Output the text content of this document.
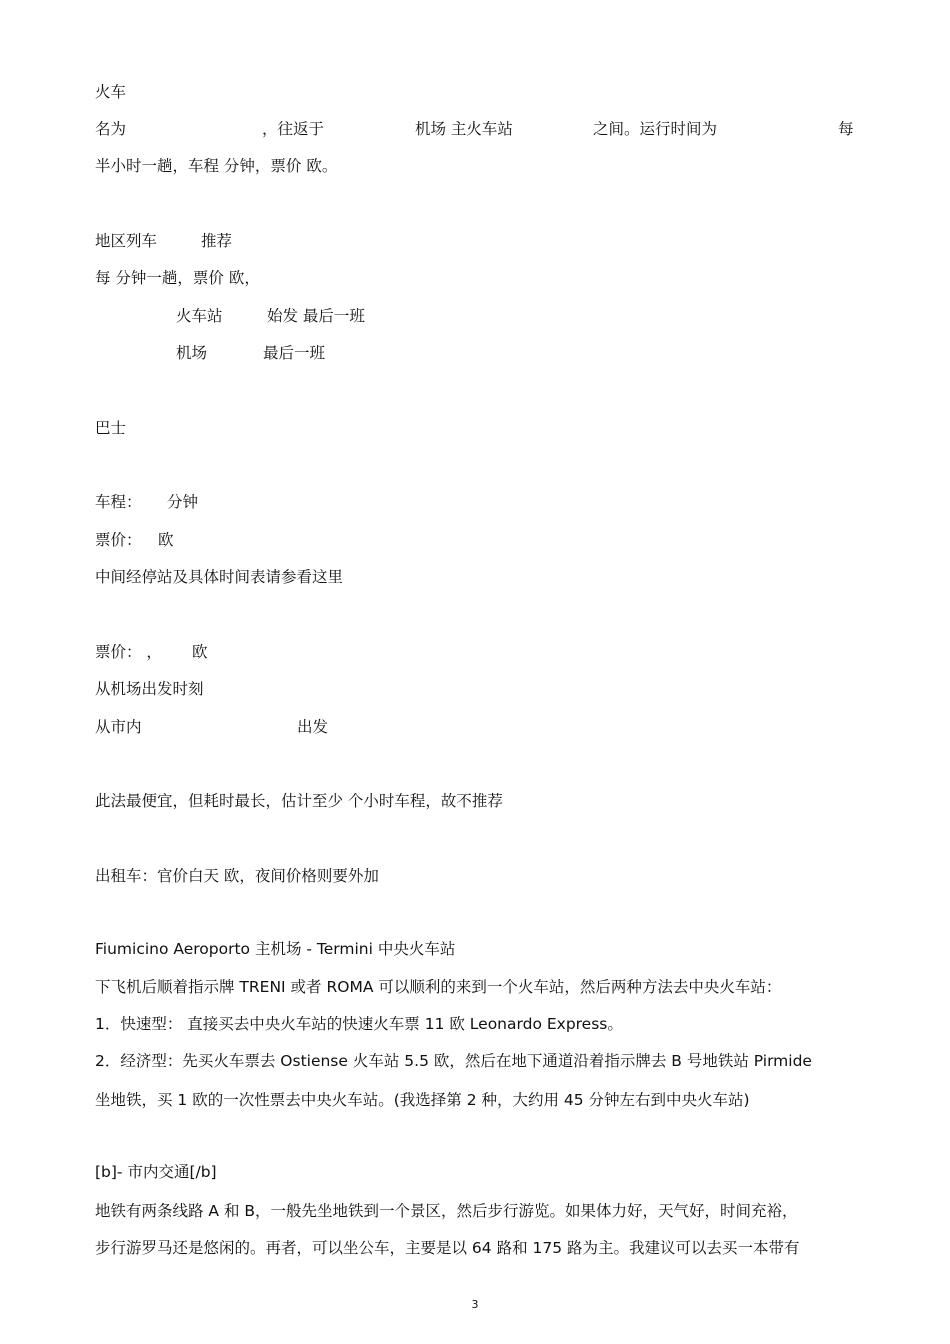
火车
名为	，往返于	机场 主火车站	之间。运行时间为	每
半小时一趟，车程 分钟，票价 欧。
地区列车	推荐
每 分钟一趟，票价 欧，
火车站	始发 最后一班
机场	最后一班
巴士
车程： 分钟
票价： 欧
中间经停站及具体时间表请参看这里
票价： ， 欧
从机场出发时刻
从市内	出发
此法最便宜，但耗时最长，估计至少 个小时车程，故不推荐
出租车：官价白天 欧，夜间价格则要外加
Fiumicino Aeroporto 主机场 - Termini 中央火车站
下飞机后顺着指示牌 TRENI 或者 ROMA 可以顺利的来到一个火车站，然后两种方法去中央火车站：
1．快速型： 直接买去中央火车站的快速火车票 11 欧 Leonardo Express。
2．经济型：先买火车票去 Ostiense 火车站 5.5 欧，然后在地下通道沿着指示牌去 B 号地铁站 Pirmide
坐地铁，买 1 欧的一次性票去中央火车站。(我选择第 2 种，大约用 45 分钟左右到中央火车站)
[b]- 市内交通[/b]
地铁有两条线路 A 和 B，一般先坐地铁到一个景区，然后步行游览。如果体力好，天气好，时间充裕，
步行游罗马还是悠闲的。再者，可以坐公车，主要是以 64 路和 175 路为主。我建议可以去买一本带有
3
